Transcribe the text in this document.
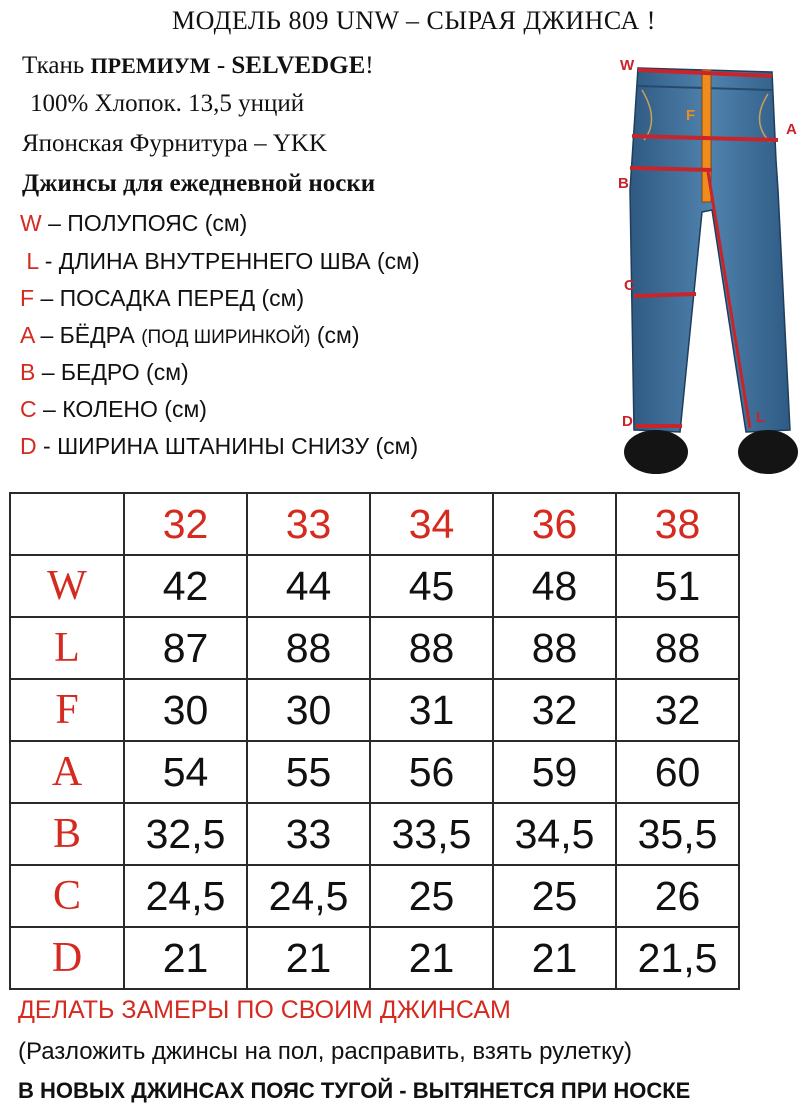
МОДЕЛЬ 809 UNW – СЫРАЯ ДЖИНСА !
Ткань ПРЕМИУМ - SELVEDGE!
100% Хлопок. 13,5 унций
Японская Фурнитура – YKK
Джинсы для ежедневной носки
W – ПОЛУПОЯС (см)
L - ДЛИНА ВНУТРЕННЕГО ШВА (см)
F – ПОСАДКА ПЕРЕД (см)
A – БЁДРА (ПОД ШИРИНКОЙ) (см)
B – БЕДРО (см)
C – КОЛЕНО (см)
D - ШИРИНА ШТАНИНЫ СНИЗУ (см)
W
F
A
B
C
D	L
	32	33	34	36	38
W	42	44	45	48	51
L	87	88	88	88	88
F	30	30	31	32	32
A	54	55	56	59	60
B	32,5	33	33,5	34,5	35,5
C	24,5	24,5	25	25	26
D	21	21	21	21	21,5
ДЕЛАТЬ ЗАМЕРЫ ПО СВОИМ ДЖИНСАМ
(Разложить джинсы на пол, расправить, взять рулетку)
В НОВЫХ ДЖИНСАХ ПОЯС ТУГОЙ - ВЫТЯНЕТСЯ ПРИ НОСКЕ
